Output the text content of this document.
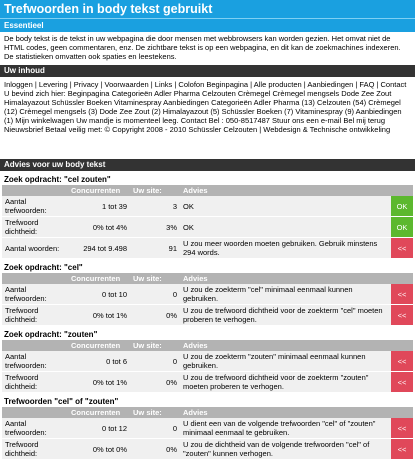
Trefwoorden in body tekst gebruikt
Essentieel
De body tekst is de tekst in uw webpagina die door mensen met webbrowsers kan worden gezien. Het omvat niet de HTML codes, geen commentaren, enz. De zichtbare tekst is op een webpagina, en dit kan de zoekmachines indexeren. De statistieken omvatten ook spaties en leestekens.
Uw inhoud
Inloggen | Levering | Privacy | Voorwaarden | Links | Colofon Beginpagina | Alle producten | Aanbiedingen | FAQ | Contact U bevind zich hier: Beginpagina Categorieën Adler Pharma Celzouten Crèmegel Crèmegel mengsels Dode Zee Zout Himalayazout Schüssler Boeken Vitaminespray Aanbiedingen Categorieën Adler Pharma (13) Celzouten (54) Crèmegel (12) Crèmegel mengsels (3) Dode Zee Zout (2) Himalayazout (5) Schüssler Boeken (7) Vitaminespray (9) Aanbiedingen (1) Mijn winkelwagen Uw mandje is momenteel leeg. Contact Bel : 050-8517487 Stuur ons een e-mail Bel mij terug Nieuwsbrief Betaal veilig met: © Copyright 2008 - 2010 Schüssler Celzouten | Webdesign & Technische ontwikkeling
Advies voor uw body tekst
Zoek opdracht: "cel zouten"
	Concurrenten	Uw site:	Advies	
Aantal trefwoorden:	1 tot 39	3	OK	OK
Trefwoord dichtheid:	0% tot 4%	3%	OK	OK
Aantal woorden:	294 tot 9.498	91	U zou meer woorden moeten gebruiken. Gebruik minstens 294 words.	<<
Zoek opdracht: "cel"
	Concurrenten	Uw site:	Advies	
Aantal trefwoorden:	0 tot 10	0	U zou de zoekterm "cel" minimaal eenmaal kunnen gebruiken.	<<
Trefwoord dichtheid:	0% tot 1%	0%	U zou de trefwoord dichtheid voor de zoekterm "cel" moeten proberen te verhogen.	<<
Zoek opdracht: "zouten"
	Concurrenten	Uw site:	Advies	
Aantal trefwoorden:	0 tot 6	0	U zou de zoekterm "zouten" minimaal eenmaal kunnen gebruiken.	<<
Trefwoord dichtheid:	0% tot 1%	0%	U zou de trefwoord dichtheid voor de zoekterm "zouten" moeten proberen te verhogen.	<<
Trefwoorden "cel" of "zouten"
	Concurrenten	Uw site:	Advies	
Aantal trefwoorden:	0 tot 12	0	U dient een van de volgende trefwoorden "cel" of "zouten" minimaal eenmaal te gebruiken.	<<
Trefwoord dichtheid:	0% tot 0%	0%	U zou de dichtheid van de volgende trefwoorden "cel" of "zouten" kunnen verhogen.	<<
